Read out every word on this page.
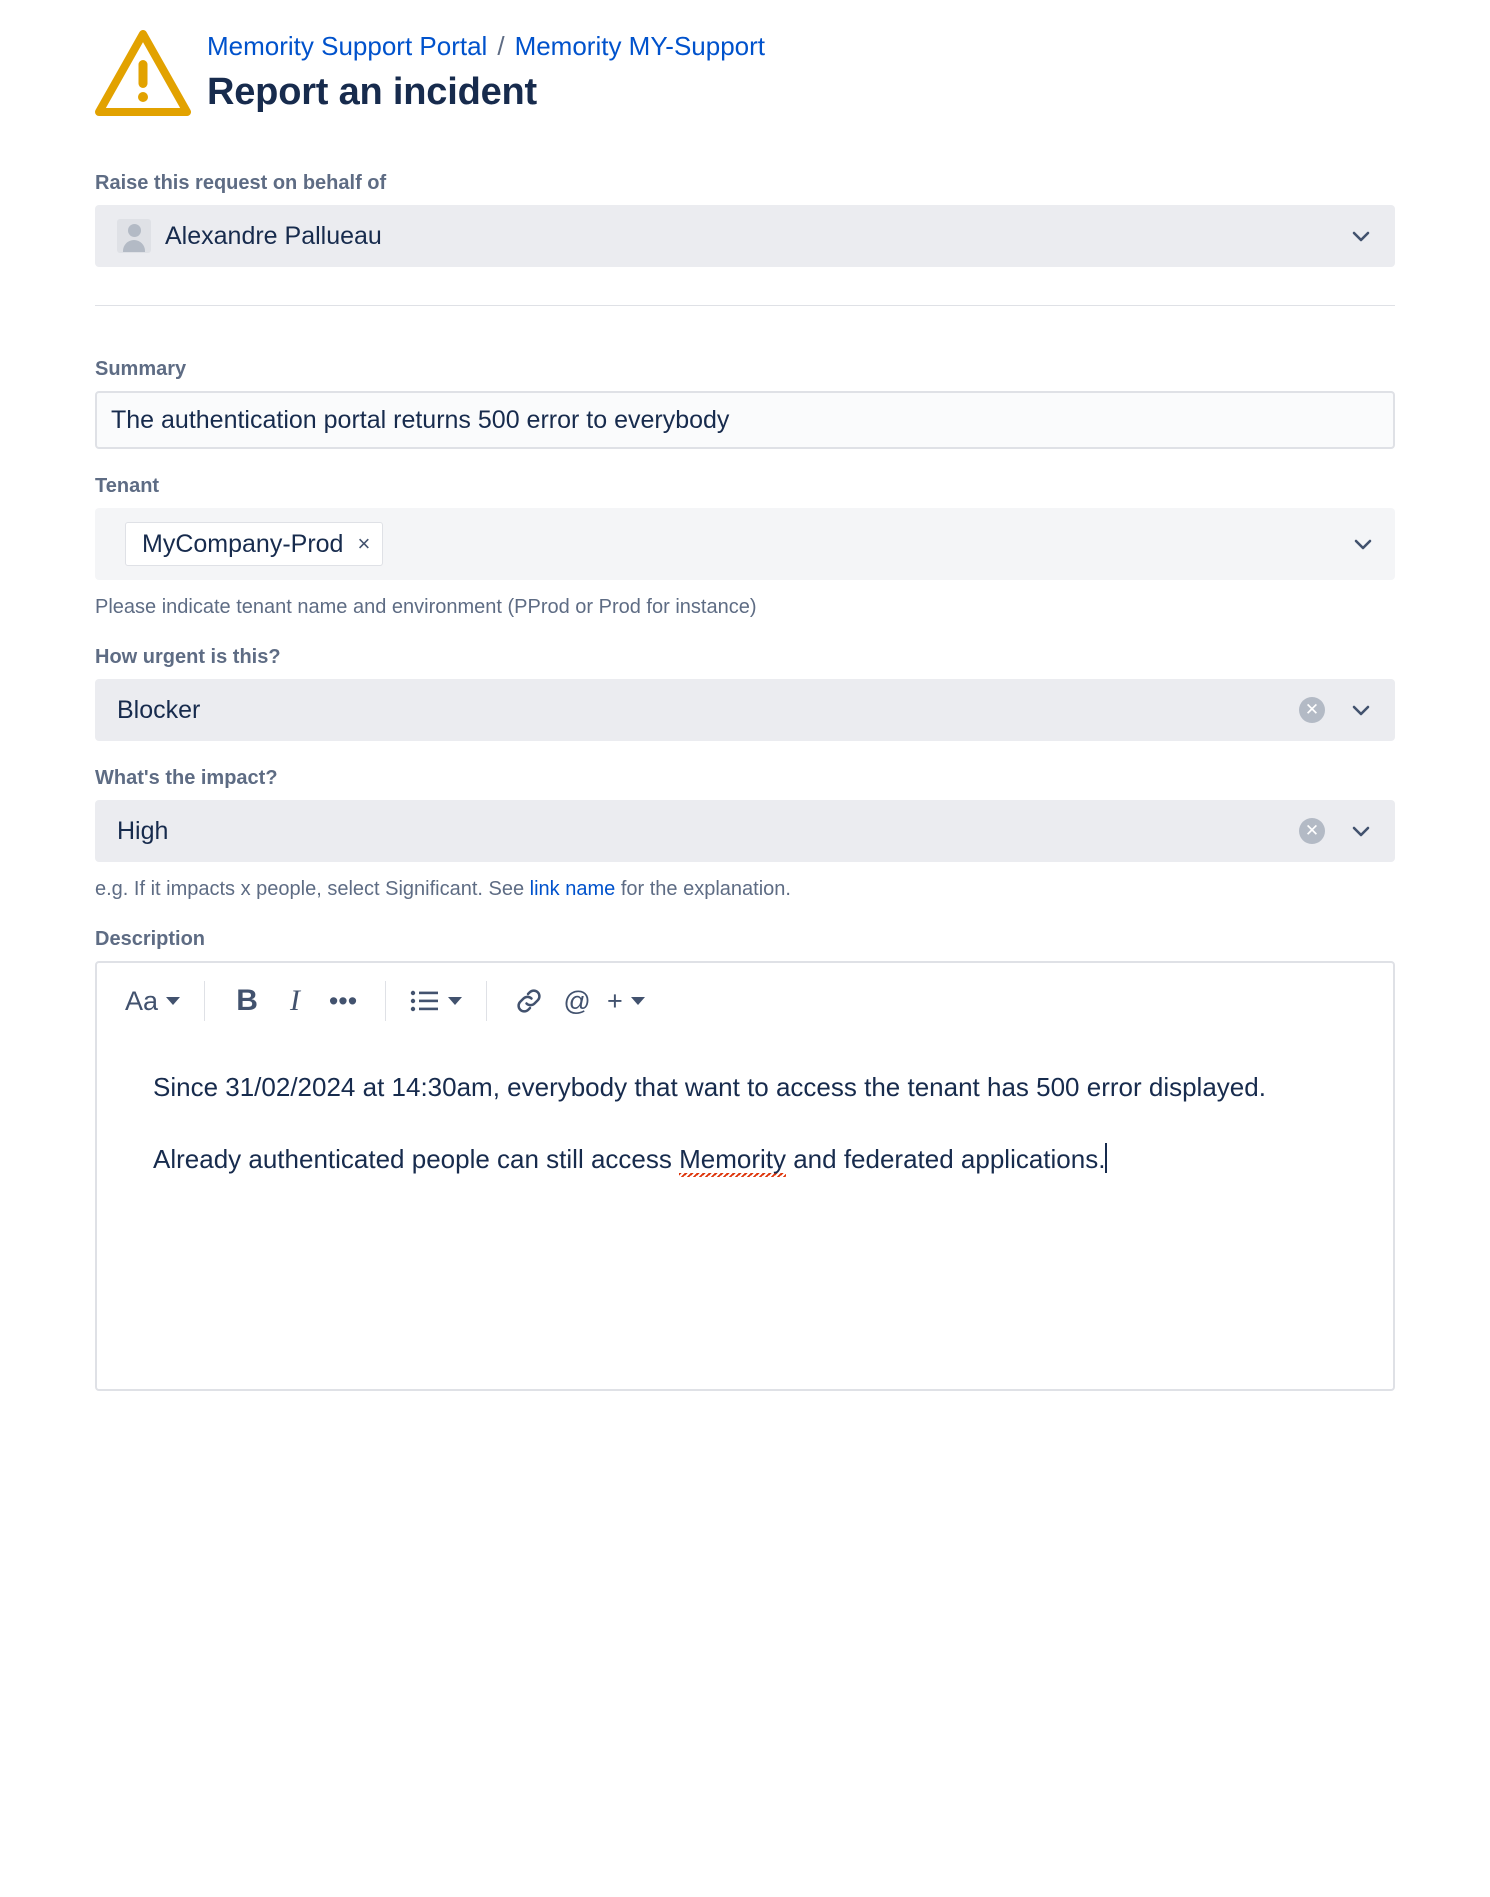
Memority Support Portal / Memority MY-Support
Report an incident
Raise this request on behalf of
Alexandre Pallueau
Summary
The authentication portal returns 500 error to everybody
Tenant
MyCompany-Prod ×
Please indicate tenant name and environment (PProd or Prod for instance)
How urgent is this?
Blocker	✕
What's the impact?
High	✕
e.g. If it impacts x people, select Significant. See link name for the explanation.
Description
Aa	B	I	•••	@ +

Since 31/02/2024 at 14:30am, everybody that want to access the tenant has 500 error displayed.

Already authenticated people can still access Memority and federated applications.
